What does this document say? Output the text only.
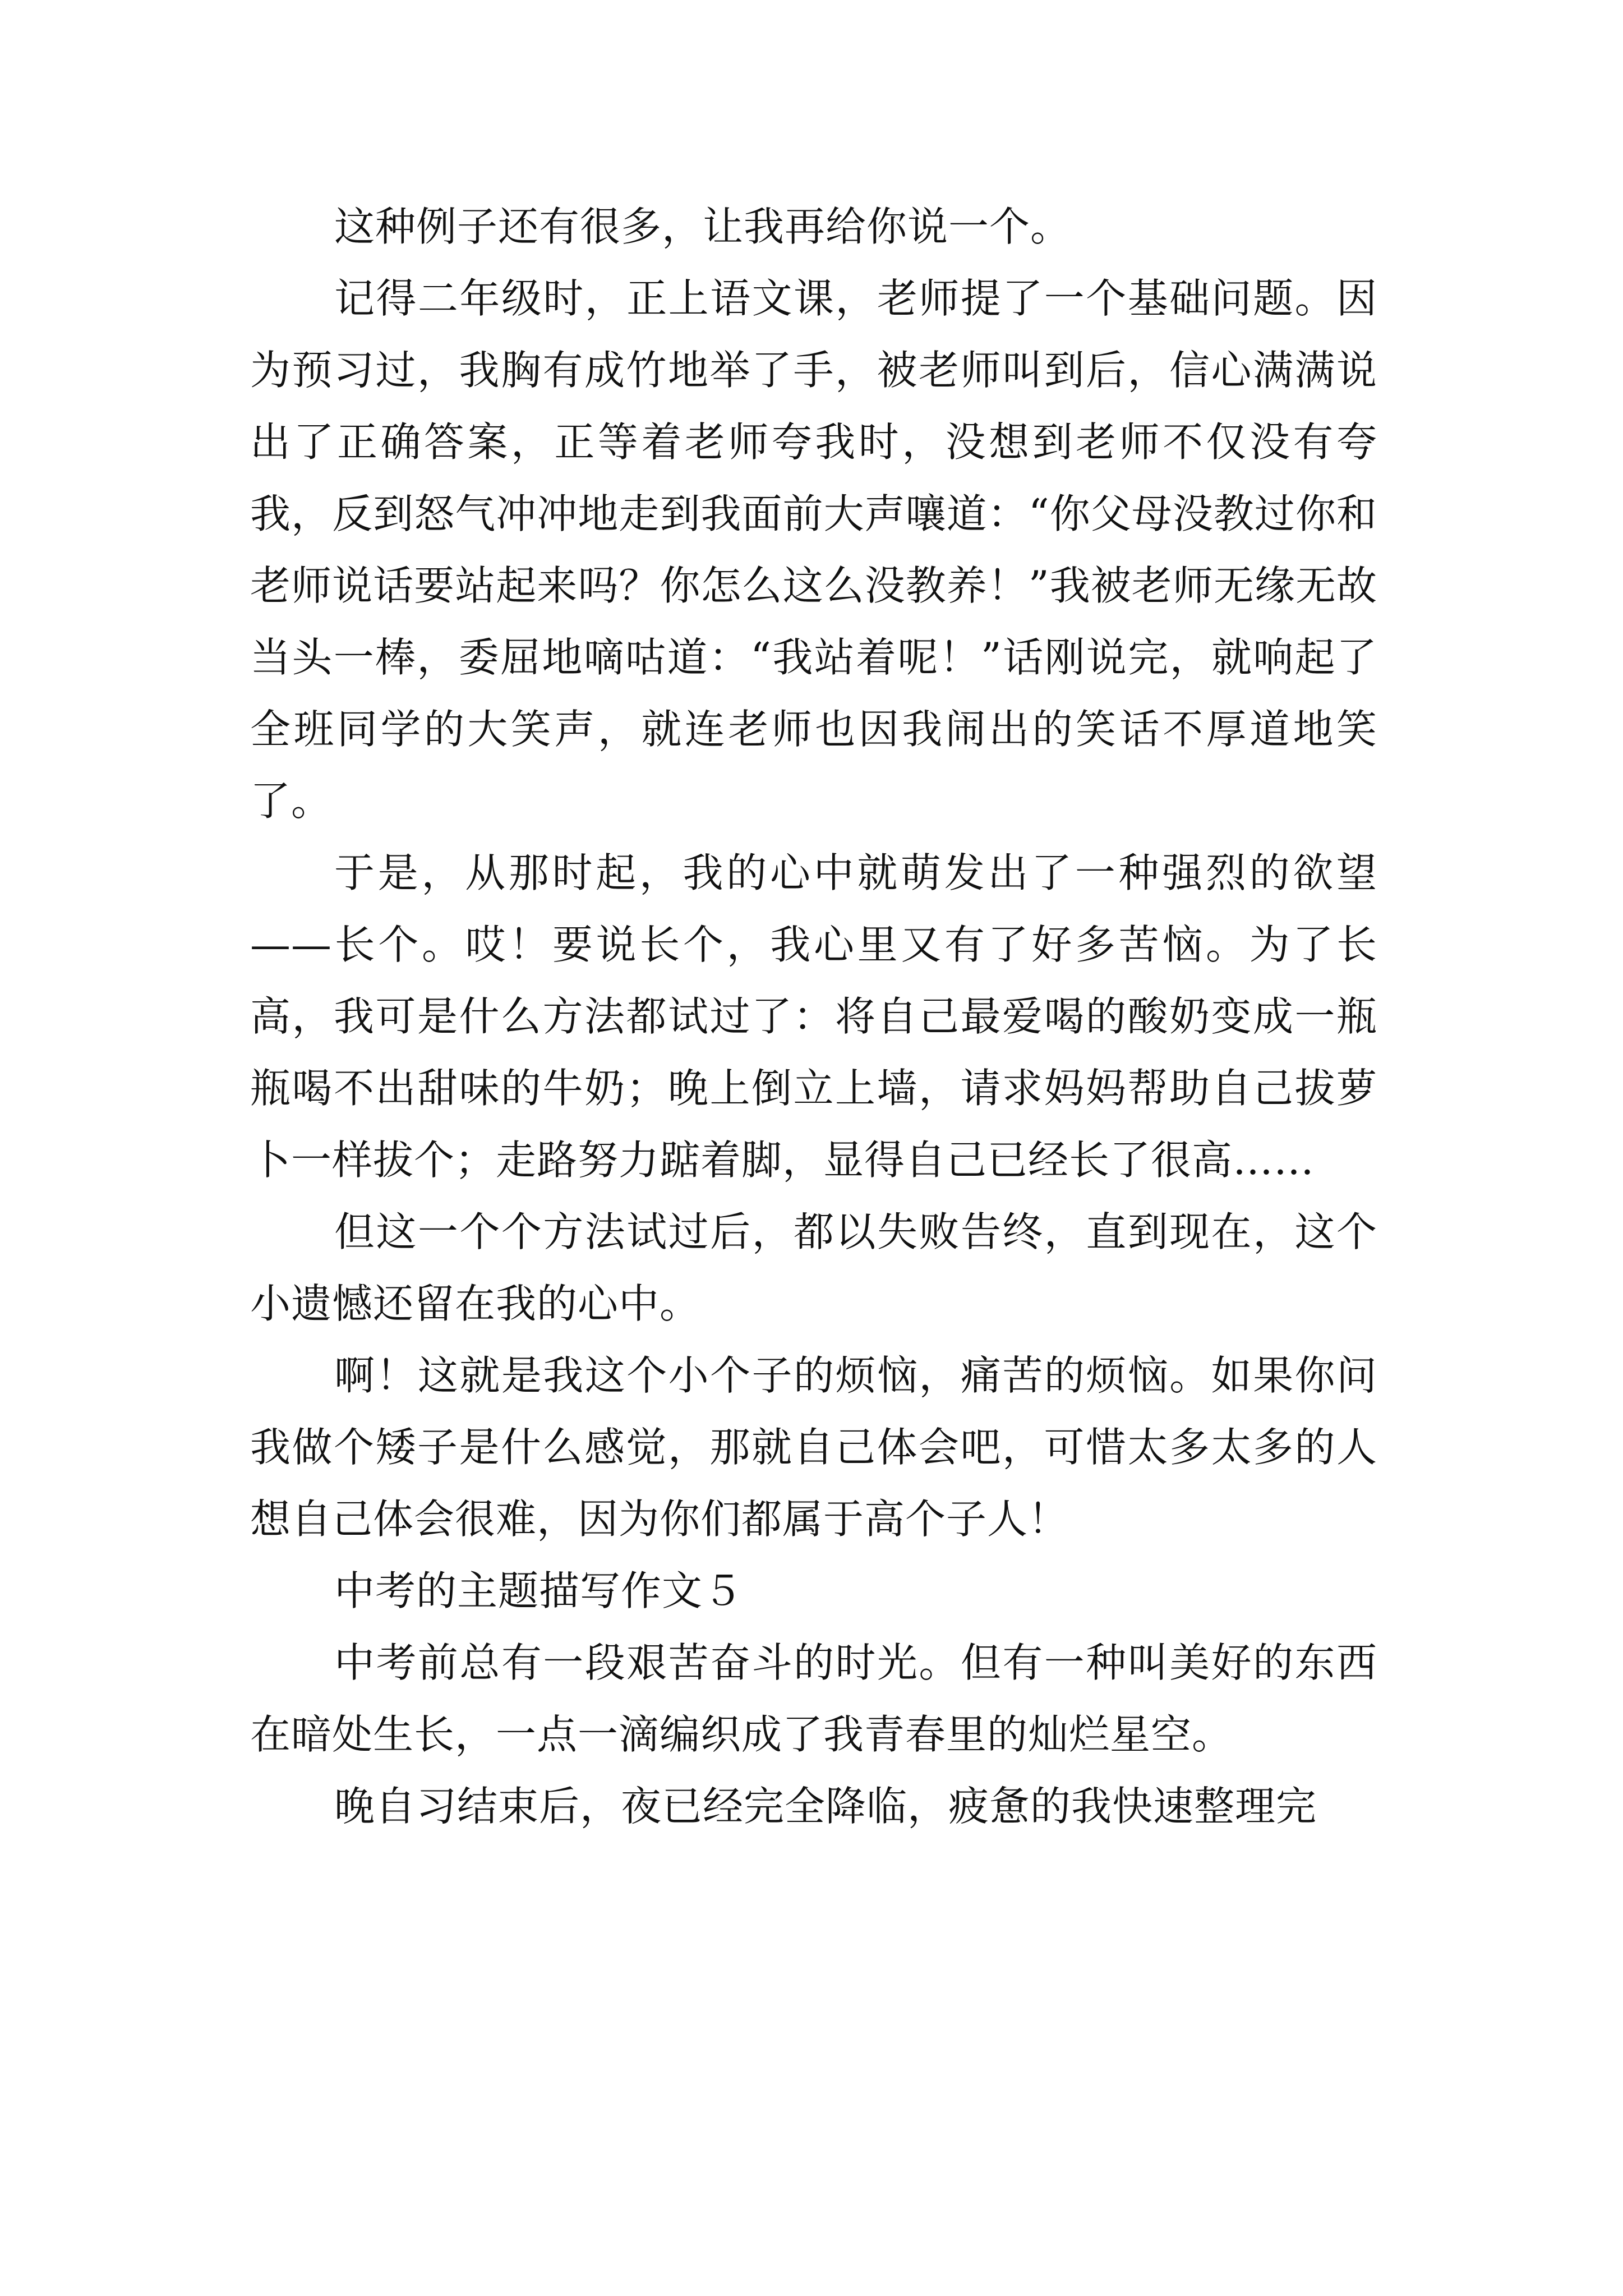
这种例子还有很多，让我再给你说一个。

记得二年级时，正上语文课，老师提了一个基础问题。因为预习过，我胸有成竹地举了手，被老师叫到后，信心满满说出了正确答案，正等着老师夸我时，没想到老师不仅没有夸我，反到怒气冲冲地走到我面前大声嚷道：“你父母没教过你和老师说话要站起来吗？你怎么这么没教养！”我被老师无缘无故当头一棒，委屈地嘀咕道：“我站着呢！”话刚说完，就响起了全班同学的大笑声，就连老师也因我闹出的笑话不厚道地笑了。

于是，从那时起，我的心中就萌发出了一种强烈的欲望——长个。哎！要说长个，我心里又有了好多苦恼。为了长高，我可是什么方法都试过了：将自己最爱喝的酸奶变成一瓶瓶喝不出甜味的牛奶；晚上倒立上墙，请求妈妈帮助自己拔萝卜一样拔个；走路努力踮着脚，显得自己已经长了很高……

但这一个个方法试过后，都以失败告终，直到现在，这个小遗憾还留在我的心中。

啊！这就是我这个小个子的烦恼，痛苦的烦恼。如果你问我做个矮子是什么感觉，那就自己体会吧，可惜太多太多的人想自己体会很难，因为你们都属于高个子人！

中考的主题描写作文５

中考前总有一段艰苦奋斗的时光。但有一种叫美好的东西在暗处生长，一点一滴编织成了我青春里的灿烂星空。

晚自习结束后，夜已经完全降临，疲惫的我快速整理完
